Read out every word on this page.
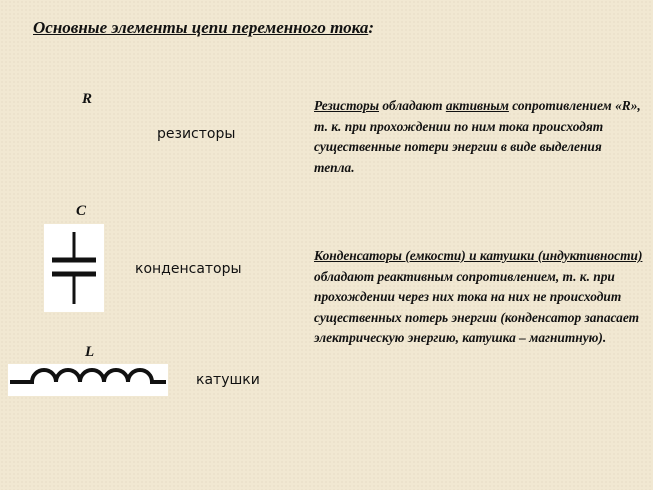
Основные элементы цепи переменного тока:
R
резисторы
C
конденсаторы
L
катушки
Резисторы обладают активным сопротивлением «R», т. к. при прохождении по ним тока происходят существенные потери энергии в виде выделения тепла.
Конденсаторы (емкости) и катушки (индуктивности) обладают реактивным сопротивлением, т. к. при прохождении через них тока на них не происходит существенных потерь энергии (конденсатор запасает электрическую энергию, катушка – магнитную).
